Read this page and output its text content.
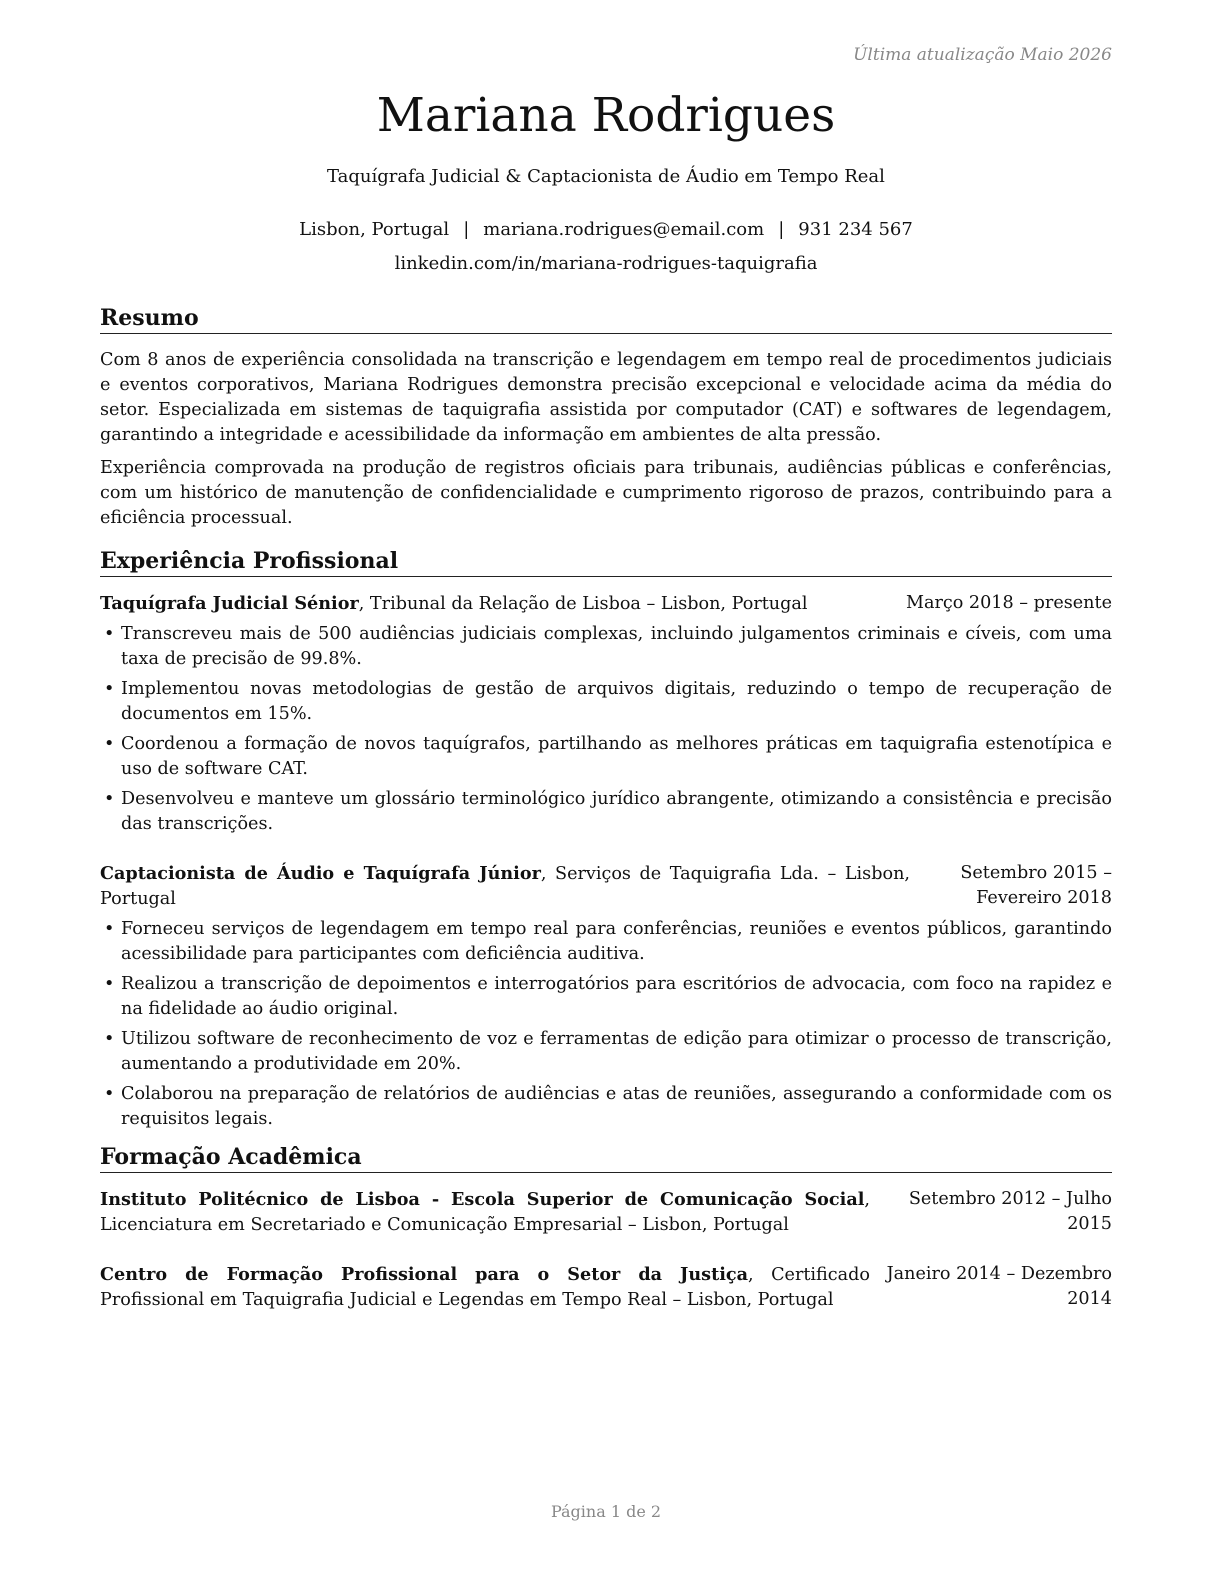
Última atualização Maio 2026
Mariana Rodrigues
Taquígrafa Judicial & Captacionista de Áudio em Tempo Real
Lisbon, Portugal | mariana.rodrigues@email.com | 931 234 567
linkedin.com/in/mariana-rodrigues-taquigrafia
Resumo

Com 8 anos de experiência consolidada na transcrição e legendagem em tempo real de procedimentos judiciais e eventos corporativos, Mariana Rodrigues demonstra precisão excepcional e velocidade acima da média do setor. Especializada em sistemas de taquigrafia assistida por computador (CAT) e softwares de legendagem, garantindo a integridade e acessibilidade da informação em ambientes de alta pressão.

Experiência comprovada na produção de registros oficiais para tribunais, audiências públicas e conferências, com um histórico de manutenção de confidencialidade e cumprimento rigoroso de prazos, contribuindo para a eficiência processual.

Experiência Profissional
Taquígrafa Judicial Sénior, Tribunal da Relação de Lisboa – Lisbon, Portugal	Março 2018 – presente
• Transcreveu mais de 500 audiências judiciais complexas, incluindo julgamentos criminais e cíveis, com uma taxa de precisão de 99.8%.
• Implementou novas metodologias de gestão de arquivos digitais, reduzindo o tempo de recuperação de documentos em 15%.
• Coordenou a formação de novos taquígrafos, partilhando as melhores práticas em taquigrafia estenotípica e uso de software CAT.
• Desenvolveu e manteve um glossário terminológico jurídico abrangente, otimizando a consistência e precisão das transcrições.
Captacionista de Áudio e Taquígrafa Júnior, Serviços de Taquigrafia Lda. – Lisbon, Portugal
Setembro 2015 – Fevereiro 2018
• Forneceu serviços de legendagem em tempo real para conferências, reuniões e eventos públicos, garantindo acessibilidade para participantes com deficiência auditiva.
• Realizou a transcrição de depoimentos e interrogatórios para escritórios de advocacia, com foco na rapidez e na fidelidade ao áudio original.
• Utilizou software de reconhecimento de voz e ferramentas de edição para otimizar o processo de transcrição, aumentando a produtividade em 20%.
• Colaborou na preparação de relatórios de audiências e atas de reuniões, assegurando a conformidade com os requisitos legais.
Formação Acadêmica
Instituto Politécnico de Lisboa - Escola Superior de Comunicação Social, Licenciatura em Secretariado e Comunicação Empresarial – Lisbon, Portugal
Setembro 2012 – Julho 2015
Centro de Formação Profissional para o Setor da Justiça, Certificado Profissional em Taquigrafia Judicial e Legendas em Tempo Real – Lisbon, Portugal
Janeiro 2014 – Dezembro 2014
Página 1 de 2
